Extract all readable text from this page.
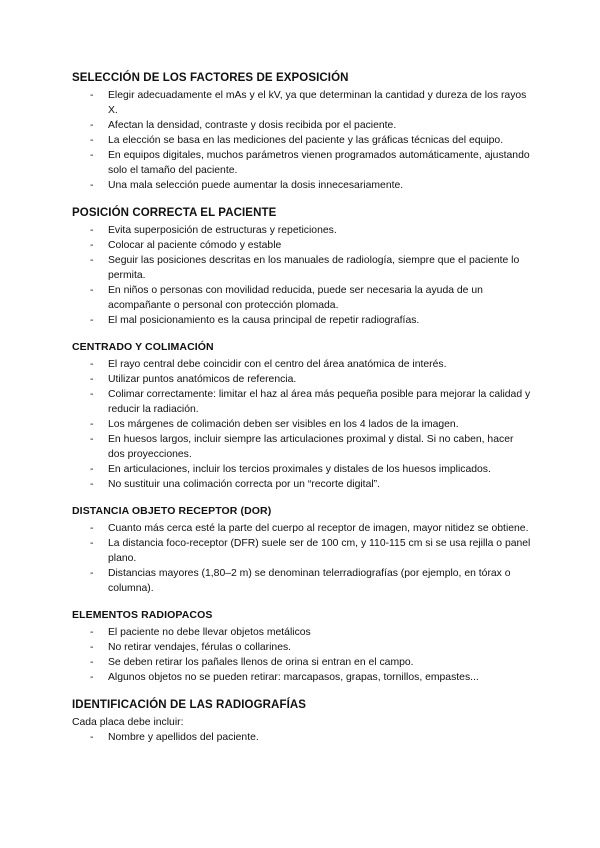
SELECCIÓN DE LOS FACTORES DE EXPOSICIÓN
- Elegir adecuadamente el mAs y el kV, ya que determinan la cantidad y dureza de los rayos X.
- Afectan la densidad, contraste y dosis recibida por el paciente.
- La elección se basa en las mediciones del paciente y las gráficas técnicas del equipo.
- En equipos digitales, muchos parámetros vienen programados automáticamente, ajustando solo el tamaño del paciente.
- Una mala selección puede aumentar la dosis innecesariamente.
POSICIÓN CORRECTA EL PACIENTE
- Evita superposición de estructuras y repeticiones.
- Colocar al paciente cómodo y estable
- Seguir las posiciones descritas en los manuales de radiología, siempre que el paciente lo permita.
- En niños o personas con movilidad reducida, puede ser necesaria la ayuda de un acompañante o personal con protección plomada.
- El mal posicionamiento es la causa principal de repetir radiografías.
CENTRADO Y COLIMACIÓN
- El rayo central debe coincidir con el centro del área anatómica de interés.
- Utilizar puntos anatómicos de referencia.
- Colimar correctamente: limitar el haz al área más pequeña posible para mejorar la calidad y reducir la radiación.
- Los márgenes de colimación deben ser visibles en los 4 lados de la imagen.
- En huesos largos, incluir siempre las articulaciones proximal y distal. Si no caben, hacer dos proyecciones.
- En articulaciones, incluir los tercios proximales y distales de los huesos implicados.
- No sustituir una colimación correcta por un “recorte digital”.
DISTANCIA OBJETO RECEPTOR (DOR)
- Cuanto más cerca esté la parte del cuerpo al receptor de imagen, mayor nitidez se obtiene.
- La distancia foco-receptor (DFR) suele ser de 100 cm, y 110-115 cm si se usa rejilla o panel plano.
- Distancias mayores (1,80–2 m) se denominan telerradiografías (por ejemplo, en tórax o columna).
ELEMENTOS RADIOPACOS
- El paciente no debe llevar objetos metálicos
- No retirar vendajes, férulas o collarines.
- Se deben retirar los pañales llenos de orina si entran en el campo.
- Algunos objetos no se pueden retirar: marcapasos, grapas, tornillos, empastes...
IDENTIFICACIÓN DE LAS RADIOGRAFÍAS

Cada placa debe incluir:

- Nombre y apellidos del paciente.
